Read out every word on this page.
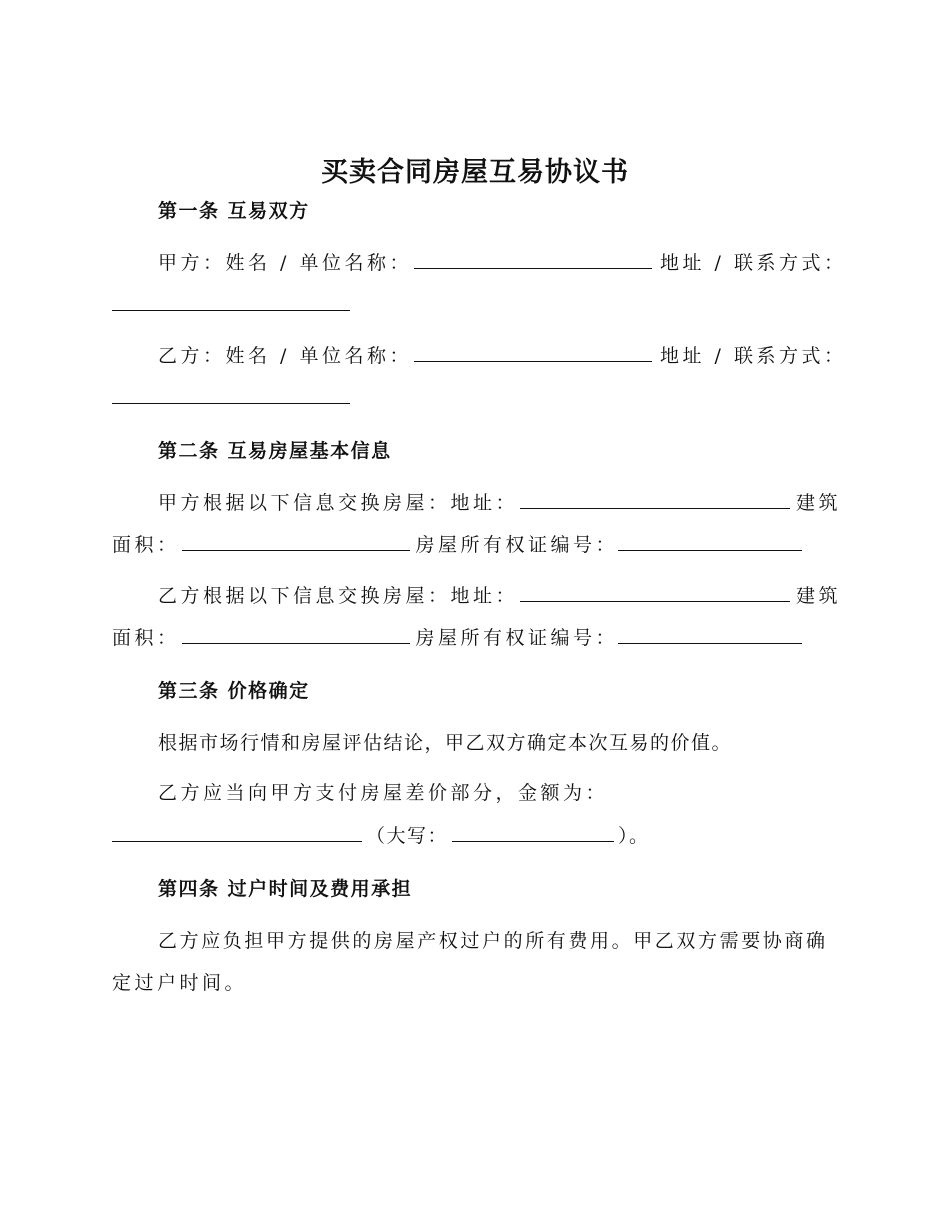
买卖合同房屋互易协议书
第一条 互易双方
甲方：姓名 / 单位名称：	地址 / 联系方式：
乙方：姓名 / 单位名称：	地址 / 联系方式：
第二条 互易房屋基本信息
甲方根据以下信息交换房屋：地址：	建筑
面积：	房屋所有权证编号：
乙方根据以下信息交换房屋：地址：	建筑
面积：	房屋所有权证编号：
第三条 价格确定
根据市场行情和房屋评估结论，甲乙双方确定本次互易的价值。
乙方应当向甲方支付房屋差价部分，金额为：
（大写：	）。
第四条 过户时间及费用承担
乙方应负担甲方提供的房屋产权过户的所有费用。甲乙双方需要协商确
定过户时间。
